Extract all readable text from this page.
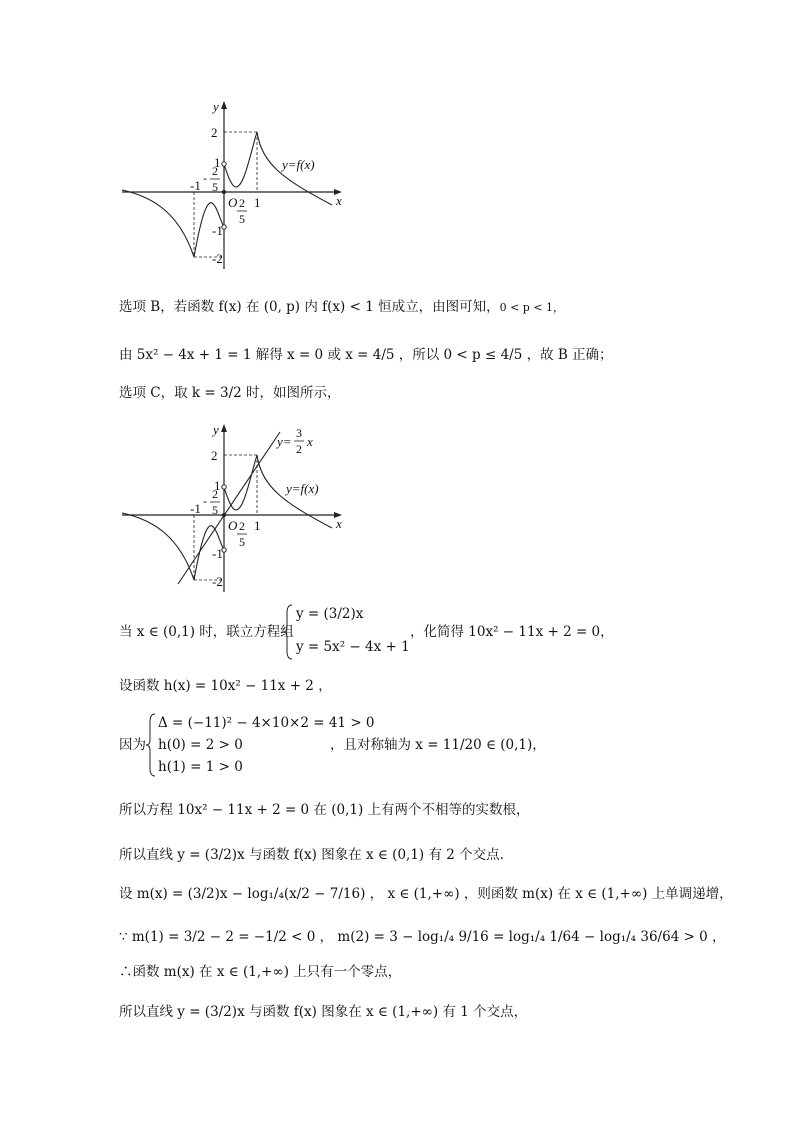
y
x
2
1
- 2
5
-1
-1
-2
O 2
5
1
y=f(x)
选项 B，若函数 f(x) 在 (0, p) 内 f(x) < 1 恒成立，由图可知，0 < p < 1，
由 5x² − 4x + 1 = 1 解得 x = 0 或 x = 4/5 ，所以 0 < p ≤ 4/5 ，故 B 正确；
选项 C，取 k = 3/2 时，如图所示，
y
x
2
1
- 2
5
-1
-1
-2
O 2
5
1
y=f(x)
y=
3
2 x
当 x ∈ (0,1) 时，联立方程组
y = (3/2)x
y = 5x² − 4x + 1
，化简得 10x² − 11x + 2 = 0，
设函数 h(x) = 10x² − 11x + 2 ，
因为
Δ = (−11)² − 4×10×2 = 41 > 0
h(0) = 2 > 0
h(1) = 1 > 0
，且对称轴为 x = 11/20 ∈ (0,1)，
所以方程 10x² − 11x + 2 = 0 在 (0,1) 上有两个不相等的实数根，
所以直线 y = (3/2)x 与函数 f(x) 图象在 x ∈ (0,1) 有 2 个交点.
设 m(x) = (3/2)x − log₁/₄(x/2 − 7/16) ， x ∈ (1,+∞) ，则函数 m(x) 在 x ∈ (1,+∞) 上单调递增，
∵ m(1) = 3/2 − 2 = −1/2 < 0 ， m(2) = 3 − log₁/₄ 9/16 = log₁/₄ 1/64 − log₁/₄ 36/64 > 0 ，
∴函数 m(x) 在 x ∈ (1,+∞) 上只有一个零点，
所以直线 y = (3/2)x 与函数 f(x) 图象在 x ∈ (1,+∞) 有 1 个交点，
